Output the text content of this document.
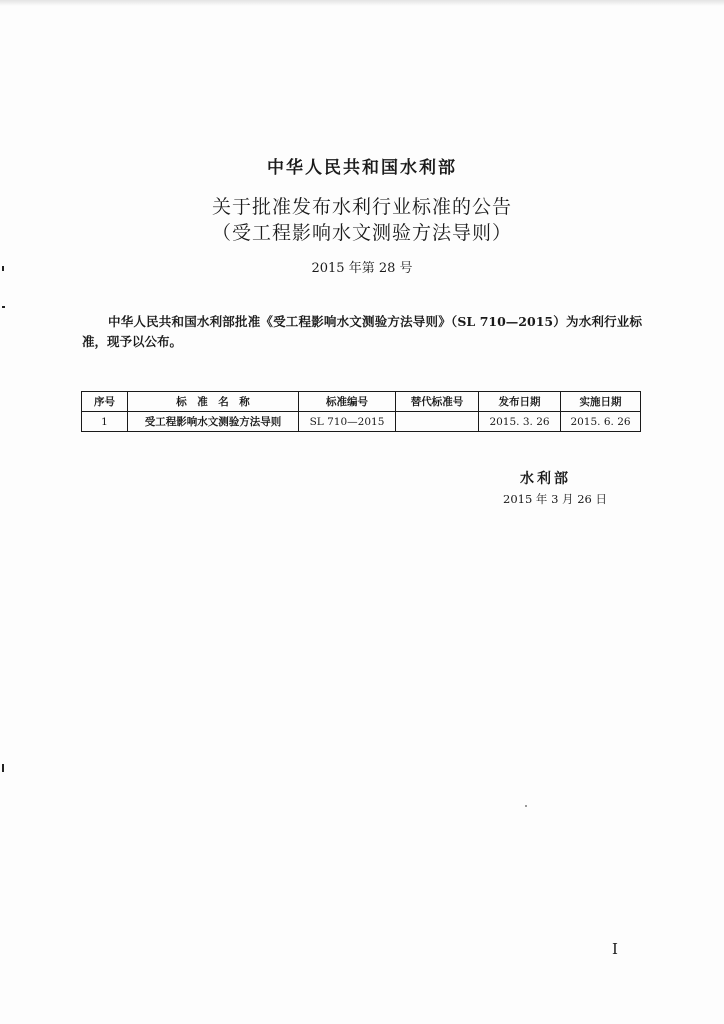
中华人民共和国水利部
关于批准发布水利行业标准的公告
（受工程影响水文测验方法导则）
2015 年第 28 号
中华人民共和国水利部批准《受工程影响水文测验方法导则》（SL 710—2015）为水利行业标准，现予以公布。
序号	标　准　名　称	标准编号	替代标准号	发布日期	实施日期
1	受工程影响水文测验方法导则	SL 710—2015		2015. 3. 26	2015. 6. 26
水利部
2015 年 3 月 26 日
I
